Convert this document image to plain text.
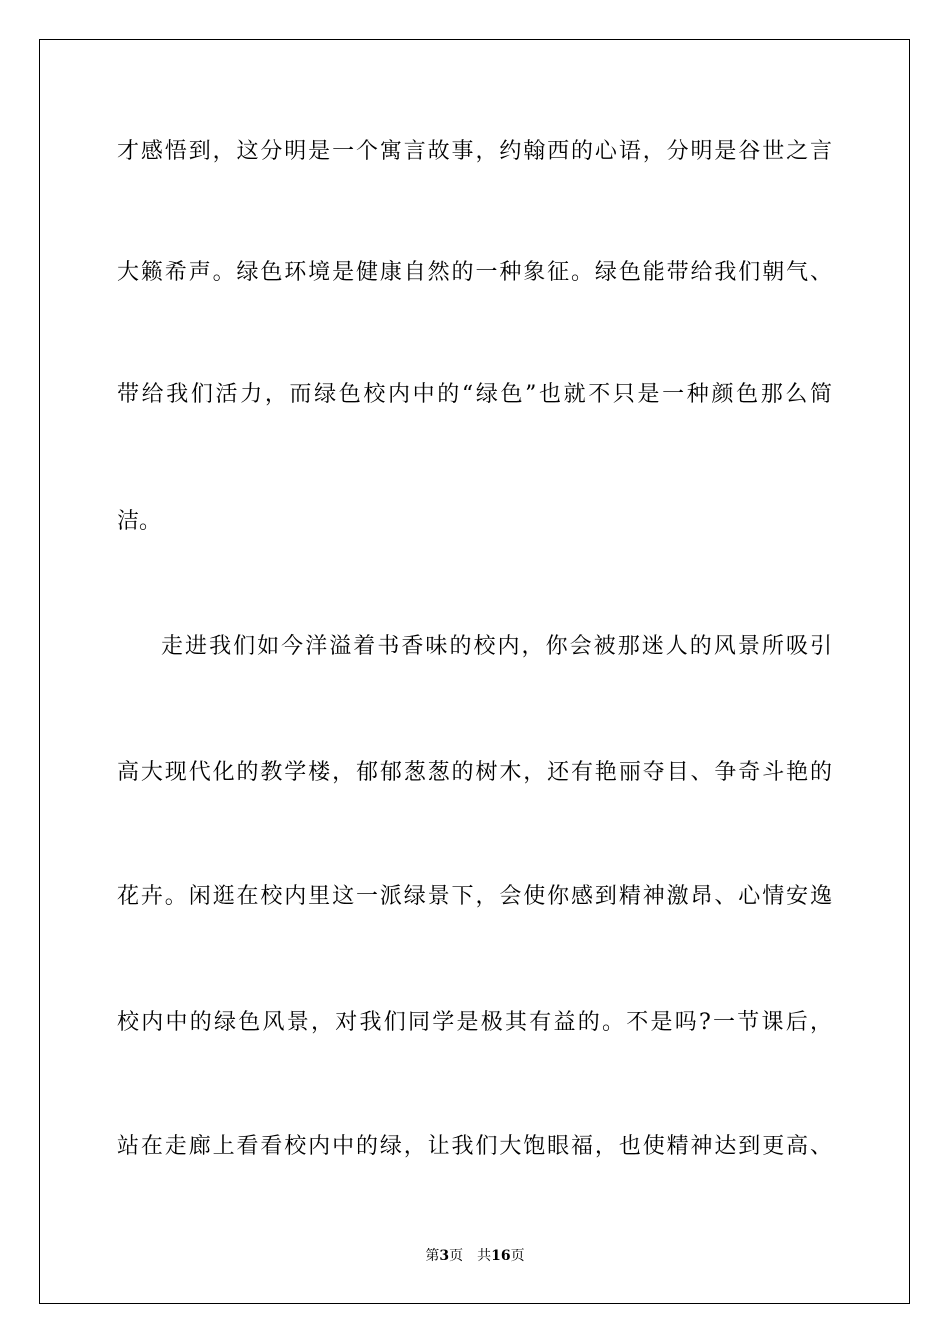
才感悟到，这分明是一个寓言故事，约翰西的心语，分明是谷世之言
大籁希声。绿色环境是健康自然的一种象征。绿色能带给我们朝气、
带给我们活力，而绿色校内中的“绿色”也就不只是一种颜色那么简
洁。
走进我们如今洋溢着书香味的校内，你会被那迷人的风景所吸引
高大现代化的教学楼，郁郁葱葱的树木，还有艳丽夺目、争奇斗艳的
花卉。闲逛在校内里这一派绿景下，会使你感到精神激昂、心情安逸
校内中的绿色风景，对我们同学是极其有益的。不是吗?一节课后，
站在走廊上看看校内中的绿，让我们大饱眼福，也使精神达到更高、
第3页 共16页
